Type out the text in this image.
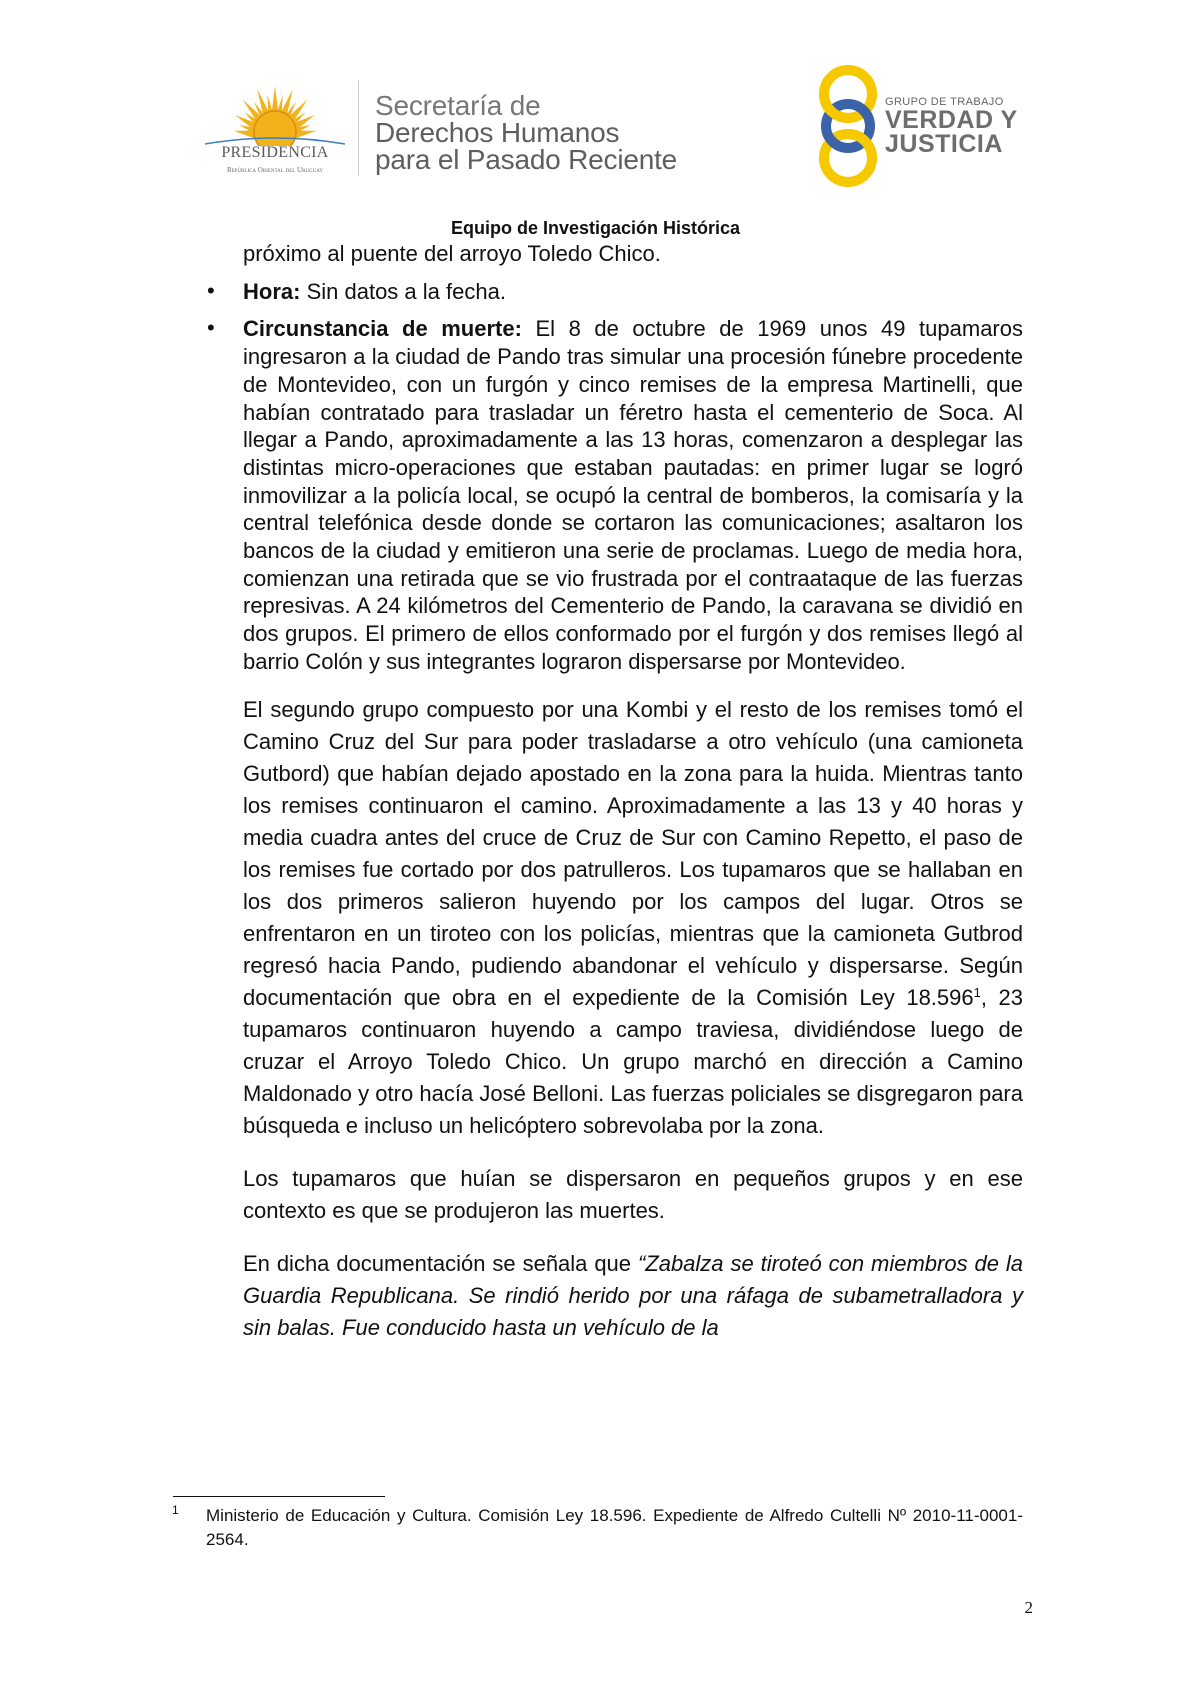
PRESIDENCIA
República Oriental del Uruguay
Secretaría de
Derechos Humanos
para el Pasado Reciente
GRUPO DE TRABAJO
VERDAD Y
JUSTICIA
Equipo de Investigación Histórica

próximo al puente del arroyo Toledo Chico.

• Hora: Sin datos a la fecha.

• Circunstancia de muerte: El 8 de octubre de 1969 unos 49 tupamaros ingresaron a la ciudad de Pando tras simular una procesión fúnebre procedente de Montevideo, con un furgón y cinco remises de la empresa Martinelli, que habían contratado para trasladar un féretro hasta el cementerio de Soca. Al llegar a Pando, aproximadamente a las 13 horas, comenzaron a desplegar las distintas micro-operaciones que estaban pautadas: en primer lugar se logró inmovilizar a la policía local, se ocupó la central de bomberos, la comisaría y la central telefónica desde donde se cortaron las comunicaciones; asaltaron los bancos de la ciudad y emitieron una serie de proclamas. Luego de media hora, comienzan una retirada que se vio frustrada por el contraataque de las fuerzas represivas. A 24 kilómetros del Cementerio de Pando, la caravana se dividió en dos grupos. El primero de ellos conformado por el furgón y dos remises llegó al barrio Colón y sus integrantes lograron dispersarse por Montevideo.

El segundo grupo compuesto por una Kombi y el resto de los remises tomó el Camino Cruz del Sur para poder trasladarse a otro vehículo (una camioneta Gutbord) que habían dejado apostado en la zona para la huida. Mientras tanto los remises continuaron el camino. Aproximadamente a las 13 y 40 horas y media cuadra antes del cruce de Cruz de Sur con Camino Repetto, el paso de los remises fue cortado por dos patrulleros. Los tupamaros que se hallaban en los dos primeros salieron huyendo por los campos del lugar. Otros se enfrentaron en un tiroteo con los policías, mientras que la camioneta Gutbrod regresó hacia Pando, pudiendo abandonar el vehículo y dispersarse. Según documentación que obra en el expediente de la Comisión Ley 18.596$^1$, 23 tupamaros continuaron huyendo a campo traviesa, dividiéndose luego de cruzar el Arroyo Toledo Chico. Un grupo marchó en dirección a Camino Maldonado y otro hacía José Belloni. Las fuerzas policiales se disgregaron para búsqueda e incluso un helicóptero sobrevolaba por la zona.

Los tupamaros que huían se dispersaron en pequeños grupos y en ese contexto es que se produjeron las muertes.

En dicha documentación se señala que “Zabalza se tiroteó con miembros de la Guardia Republicana. Se rindió herido por una ráfaga de subametralladora y sin balas. Fue conducido hasta un vehículo de la

1 Ministerio de Educación y Cultura. Comisión Ley 18.596. Expediente de Alfredo Cultelli Nº 2010-11-0001-2564.
2
